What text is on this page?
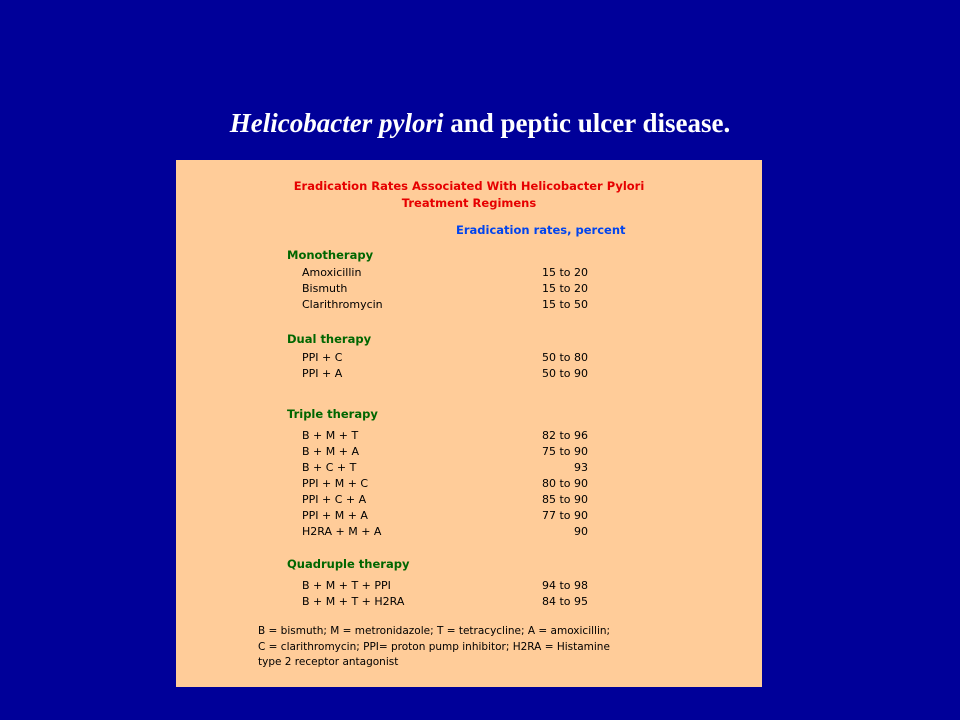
Helicobacter pylori and peptic ulcer disease.
Eradication Rates Associated With Helicobacter Pylori
Treatment Regimens
Eradication rates, percent
Monotherapy
Amoxicillin	15 to 20
Bismuth	15 to 20
Clarithromycin	15 to 50
Dual therapy
PPI + C	50 to 80
PPI + A	50 to 90
Triple therapy
B + M + T	82 to 96
B + M + A	75 to 90
B + C + T	93
PPI + M + C	80 to 90
PPI + C + A	85 to 90
PPI + M + A	77 to 90
H2RA + M + A	90
Quadruple therapy
B + M + T + PPI	94 to 98
B + M + T + H2RA	84 to 95
B = bismuth; M = metronidazole; T = tetracycline; A = amoxicillin;
C = clarithromycin; PPI= proton pump inhibitor; H2RA = Histamine
type 2 receptor antagonist
